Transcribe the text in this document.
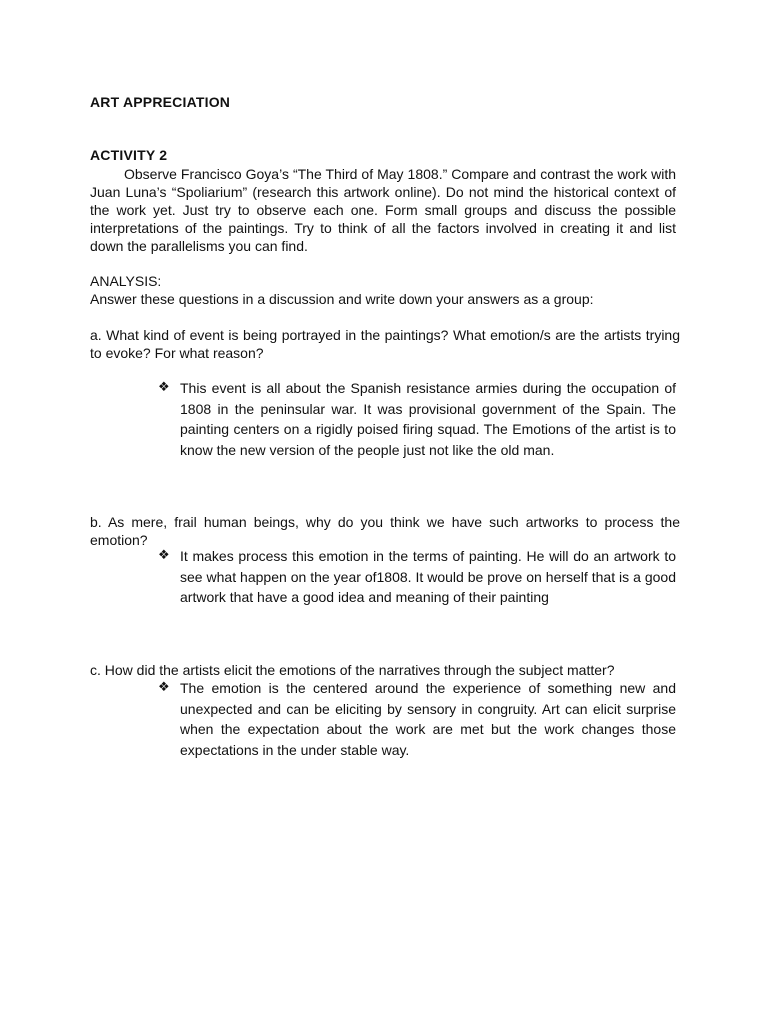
ART APPRECIATION
ACTIVITY 2
Observe Francisco Goya’s “The Third of May 1808.” Compare and contrast the work with Juan Luna’s “Spoliarium” (research this artwork online). Do not mind the historical context of the work yet. Just try to observe each one. Form small groups and discuss the possible interpretations of the paintings. Try to think of all the factors involved in creating it and list down the parallelisms you can find.
ANALYSIS:
Answer these questions in a discussion and write down your answers as a group:
a. What kind of event is being portrayed in the paintings? What emotion/s are the artists trying to evoke? For what reason?
❖ This event is all about the Spanish resistance armies during the occupation of 1808 in the peninsular war. It was provisional government of the Spain. The painting centers on a rigidly poised firing squad. The Emotions of the artist is to know the new version of the people just not like the old man.
b. As mere, frail human beings, why do you think we have such artworks to process the emotion?
❖ It makes process this emotion in the terms of painting. He will do an artwork to see what happen on the year of1808. It would be prove on herself that is a good artwork that have a good idea and meaning of their painting
c. How did the artists elicit the emotions of the narratives through the subject matter?
❖ The emotion is the centered around the experience of something new and unexpected and can be eliciting by sensory in congruity. Art can elicit surprise when the expectation about the work are met but the work changes those expectations in the under stable way.
